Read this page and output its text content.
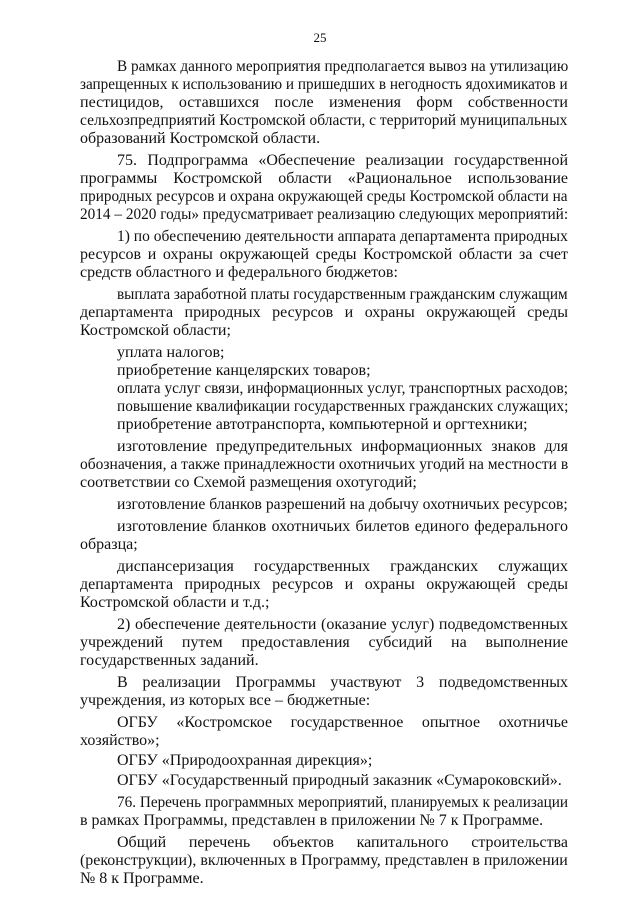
25
В рамках данного мероприятия предполагается вывоз на утилизацию
запрещенных к использованию и пришедших в негодность ядохимикатов и
пестицидов, оставшихся после изменения форм собственности
сельхозпредприятий Костромской области, с территорий муниципальных
образований Костромской области.
75. Подпрограмма «Обеспечение реализации государственной
программы Костромской области «Рациональное использование
природных ресурсов и охрана окружающей среды Костромской области на
2014 – 2020 годы» предусматривает реализацию следующих мероприятий:
1) по обеспечению деятельности аппарата департамента природных
ресурсов и охраны окружающей среды Костромской области за счет
средств областного и федерального бюджетов:
выплата заработной платы государственным гражданским служащим
департамента природных ресурсов и охраны окружающей среды
Костромской области;
уплата налогов;
приобретение канцелярских товаров;
оплата услуг связи, информационных услуг, транспортных расходов;
повышение квалификации государственных гражданских служащих;
приобретение автотранспорта, компьютерной и оргтехники;
изготовление предупредительных информационных знаков для
обозначения, а также принадлежности охотничьих угодий на местности в
соответствии со Схемой размещения охотугодий;
изготовление бланков разрешений на добычу охотничьих ресурсов;
изготовление бланков охотничьих билетов единого федерального
образца;
диспансеризация государственных гражданских служащих
департамента природных ресурсов и охраны окружающей среды
Костромской области и т.д.;
2) обеспечение деятельности (оказание услуг) подведомственных
учреждений путем предоставления субсидий на выполнение
государственных заданий.
В реализации Программы участвуют 3 подведомственных
учреждения, из которых все – бюджетные:
ОГБУ «Костромское государственное опытное охотничье
хозяйство»;
ОГБУ «Природоохранная дирекция»;
ОГБУ «Государственный природный заказник «Сумароковский».
76. Перечень программных мероприятий, планируемых к реализации
в рамках Программы, представлен в приложении № 7 к Программе.
Общий перечень объектов капитального строительства
(реконструкции), включенных в Программу, представлен в приложении
№ 8 к Программе.
